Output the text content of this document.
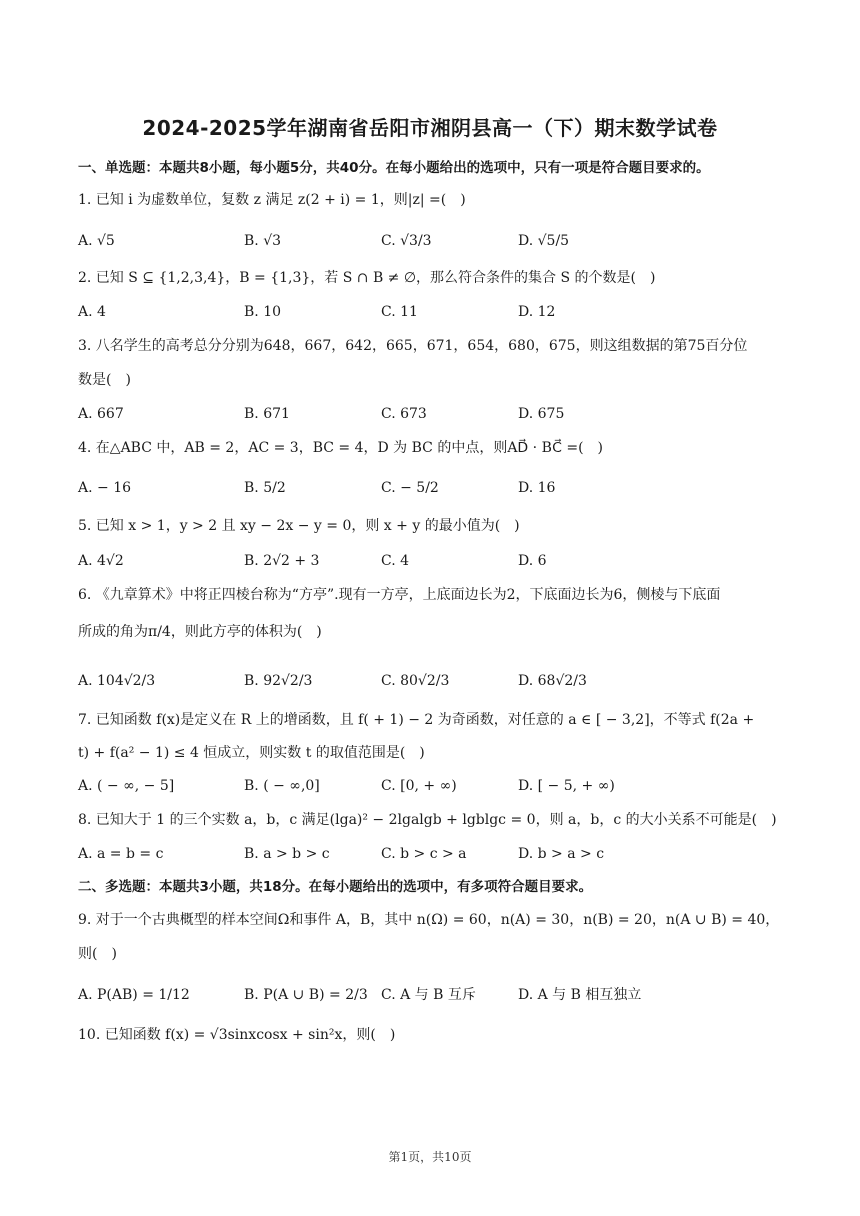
2024-2025学年湖南省岳阳市湘阴县高一（下）期末数学试卷
一、单选题：本题共8小题，每小题5分，共40分。在每小题给出的选项中，只有一项是符合题目要求的。
1. 已知 i 为虚数单位，复数 z 满足 z(2 + i) = 1，则|z| =(　)
A. √5	B. √3	C. √3/3	D. √5/5
2. 已知 S ⊆ {1,2,3,4}，B = {1,3}，若 S ∩ B ≠ ∅，那么符合条件的集合 S 的个数是(　)
A. 4	B. 10	C. 11	D. 12
3. 八名学生的高考总分分别为648，667，642，665，671，654，680，675，则这组数据的第75百分位
数是(　)
A. 667	B. 671	C. 673	D. 675
4. 在△ABC 中，AB = 2，AC = 3，BC = 4，D 为 BC 的中点，则AD⃗ · BC⃗ =(　)
A. − 16	B. 5/2	C. − 5/2	D. 16
5. 已知 x > 1，y > 2 且 xy − 2x − y = 0，则 x + y 的最小值为(　)
A. 4√2	B. 2√2 + 3	C. 4	D. 6
6. 《九章算术》中将正四棱台称为“方亭”.现有一方亭，上底面边长为2，下底面边长为6，侧棱与下底面
所成的角为π/4，则此方亭的体积为(　)
A. 104√2/3	B. 92√2/3	C. 80√2/3	D. 68√2/3
7. 已知函数 f(x)是定义在 R 上的增函数，且 f( + 1) − 2 为奇函数，对任意的 a ∈ [ − 3,2]，不等式 f(2a +
t) + f(a² − 1) ≤ 4 恒成立，则实数 t 的取值范围是(　)
A. ( − ∞, − 5]	B. ( − ∞,0]	C. [0, + ∞)	D. [ − 5, + ∞)
8. 已知大于 1 的三个实数 a，b，c 满足(lga)² − 2lgalgb + lgblgc = 0，则 a，b，c 的大小关系不可能是(　)
A. a = b = c	B. a > b > c	C. b > c > a	D. b > a > c
二、多选题：本题共3小题，共18分。在每小题给出的选项中，有多项符合题目要求。
9. 对于一个古典概型的样本空间Ω和事件 A，B，其中 n(Ω) = 60，n(A) = 30，n(B) = 20，n(A ∪ B) = 40，
则(　)
A. P(AB) = 1/12	B. P(A ∪ B) = 2/3 C. A 与 B 互斥	D. A 与 B 相互独立
10. 已知函数 f(x) = √3sinxcosx + sin²x，则(　)
第1页，共10页
